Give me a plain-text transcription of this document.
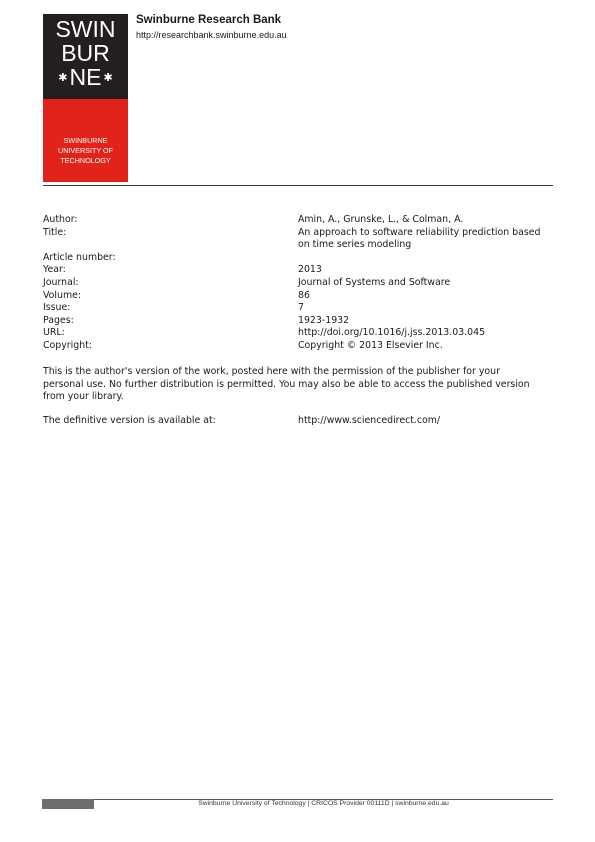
SWIN
BUR
✱NE ✱
SWINBURNE
UNIVERSITY OF
TECHNOLOGY
Swinburne Research Bank
http://researchbank.swinburne.edu.au
Author:	Amin, A., Grunske, L., & Colman, A.
Title:	An approach to software reliability prediction based on time series modeling
Article number:
Year:	2013
Journal:	Journal of Systems and Software
Volume:	86
Issue:	7
Pages:	1923-1932
URL:	http://doi.org/10.1016/j.jss.2013.03.045
Copyright:	Copyright © 2013 Elsevier Inc.
This is the author's version of the work, posted here with the permission of the publisher for your personal use. No further distribution is permitted. You may also be able to access the published version from your library.
The definitive version is available at:	http://www.sciencedirect.com/
Swinburne University of Technology | CRICOS Provider 00111D | swinburne.edu.au
